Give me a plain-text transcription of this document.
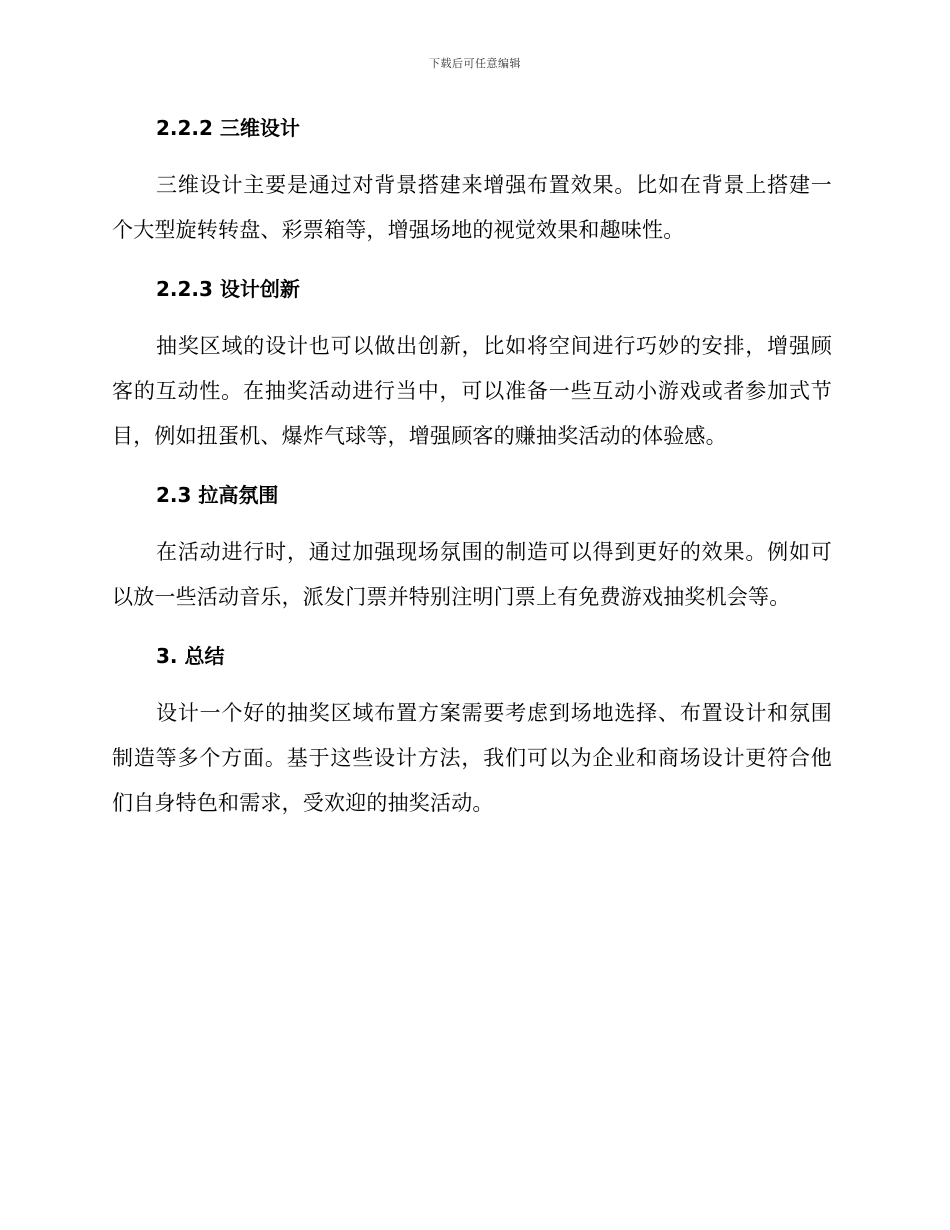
下载后可任意编辑
2.2.2 三维设计

三维设计主要是通过对背景搭建来增强布置效果。比如在背景上搭建一个大型旋转转盘、彩票箱等，增强场地的视觉效果和趣味性。

2.2.3 设计创新

抽奖区域的设计也可以做出创新，比如将空间进行巧妙的安排，增强顾客的互动性。在抽奖活动进行当中，可以准备一些互动小游戏或者参加式节目，例如扭蛋机、爆炸气球等，增强顾客的赚抽奖活动的体验感。

2.3 拉高氛围

在活动进行时，通过加强现场氛围的制造可以得到更好的效果。例如可以放一些活动音乐，派发门票并特别注明门票上有免费游戏抽奖机会等。

3. 总结

设计一个好的抽奖区域布置方案需要考虑到场地选择、布置设计和氛围制造等多个方面。基于这些设计方法，我们可以为企业和商场设计更符合他们自身特色和需求，受欢迎的抽奖活动。
